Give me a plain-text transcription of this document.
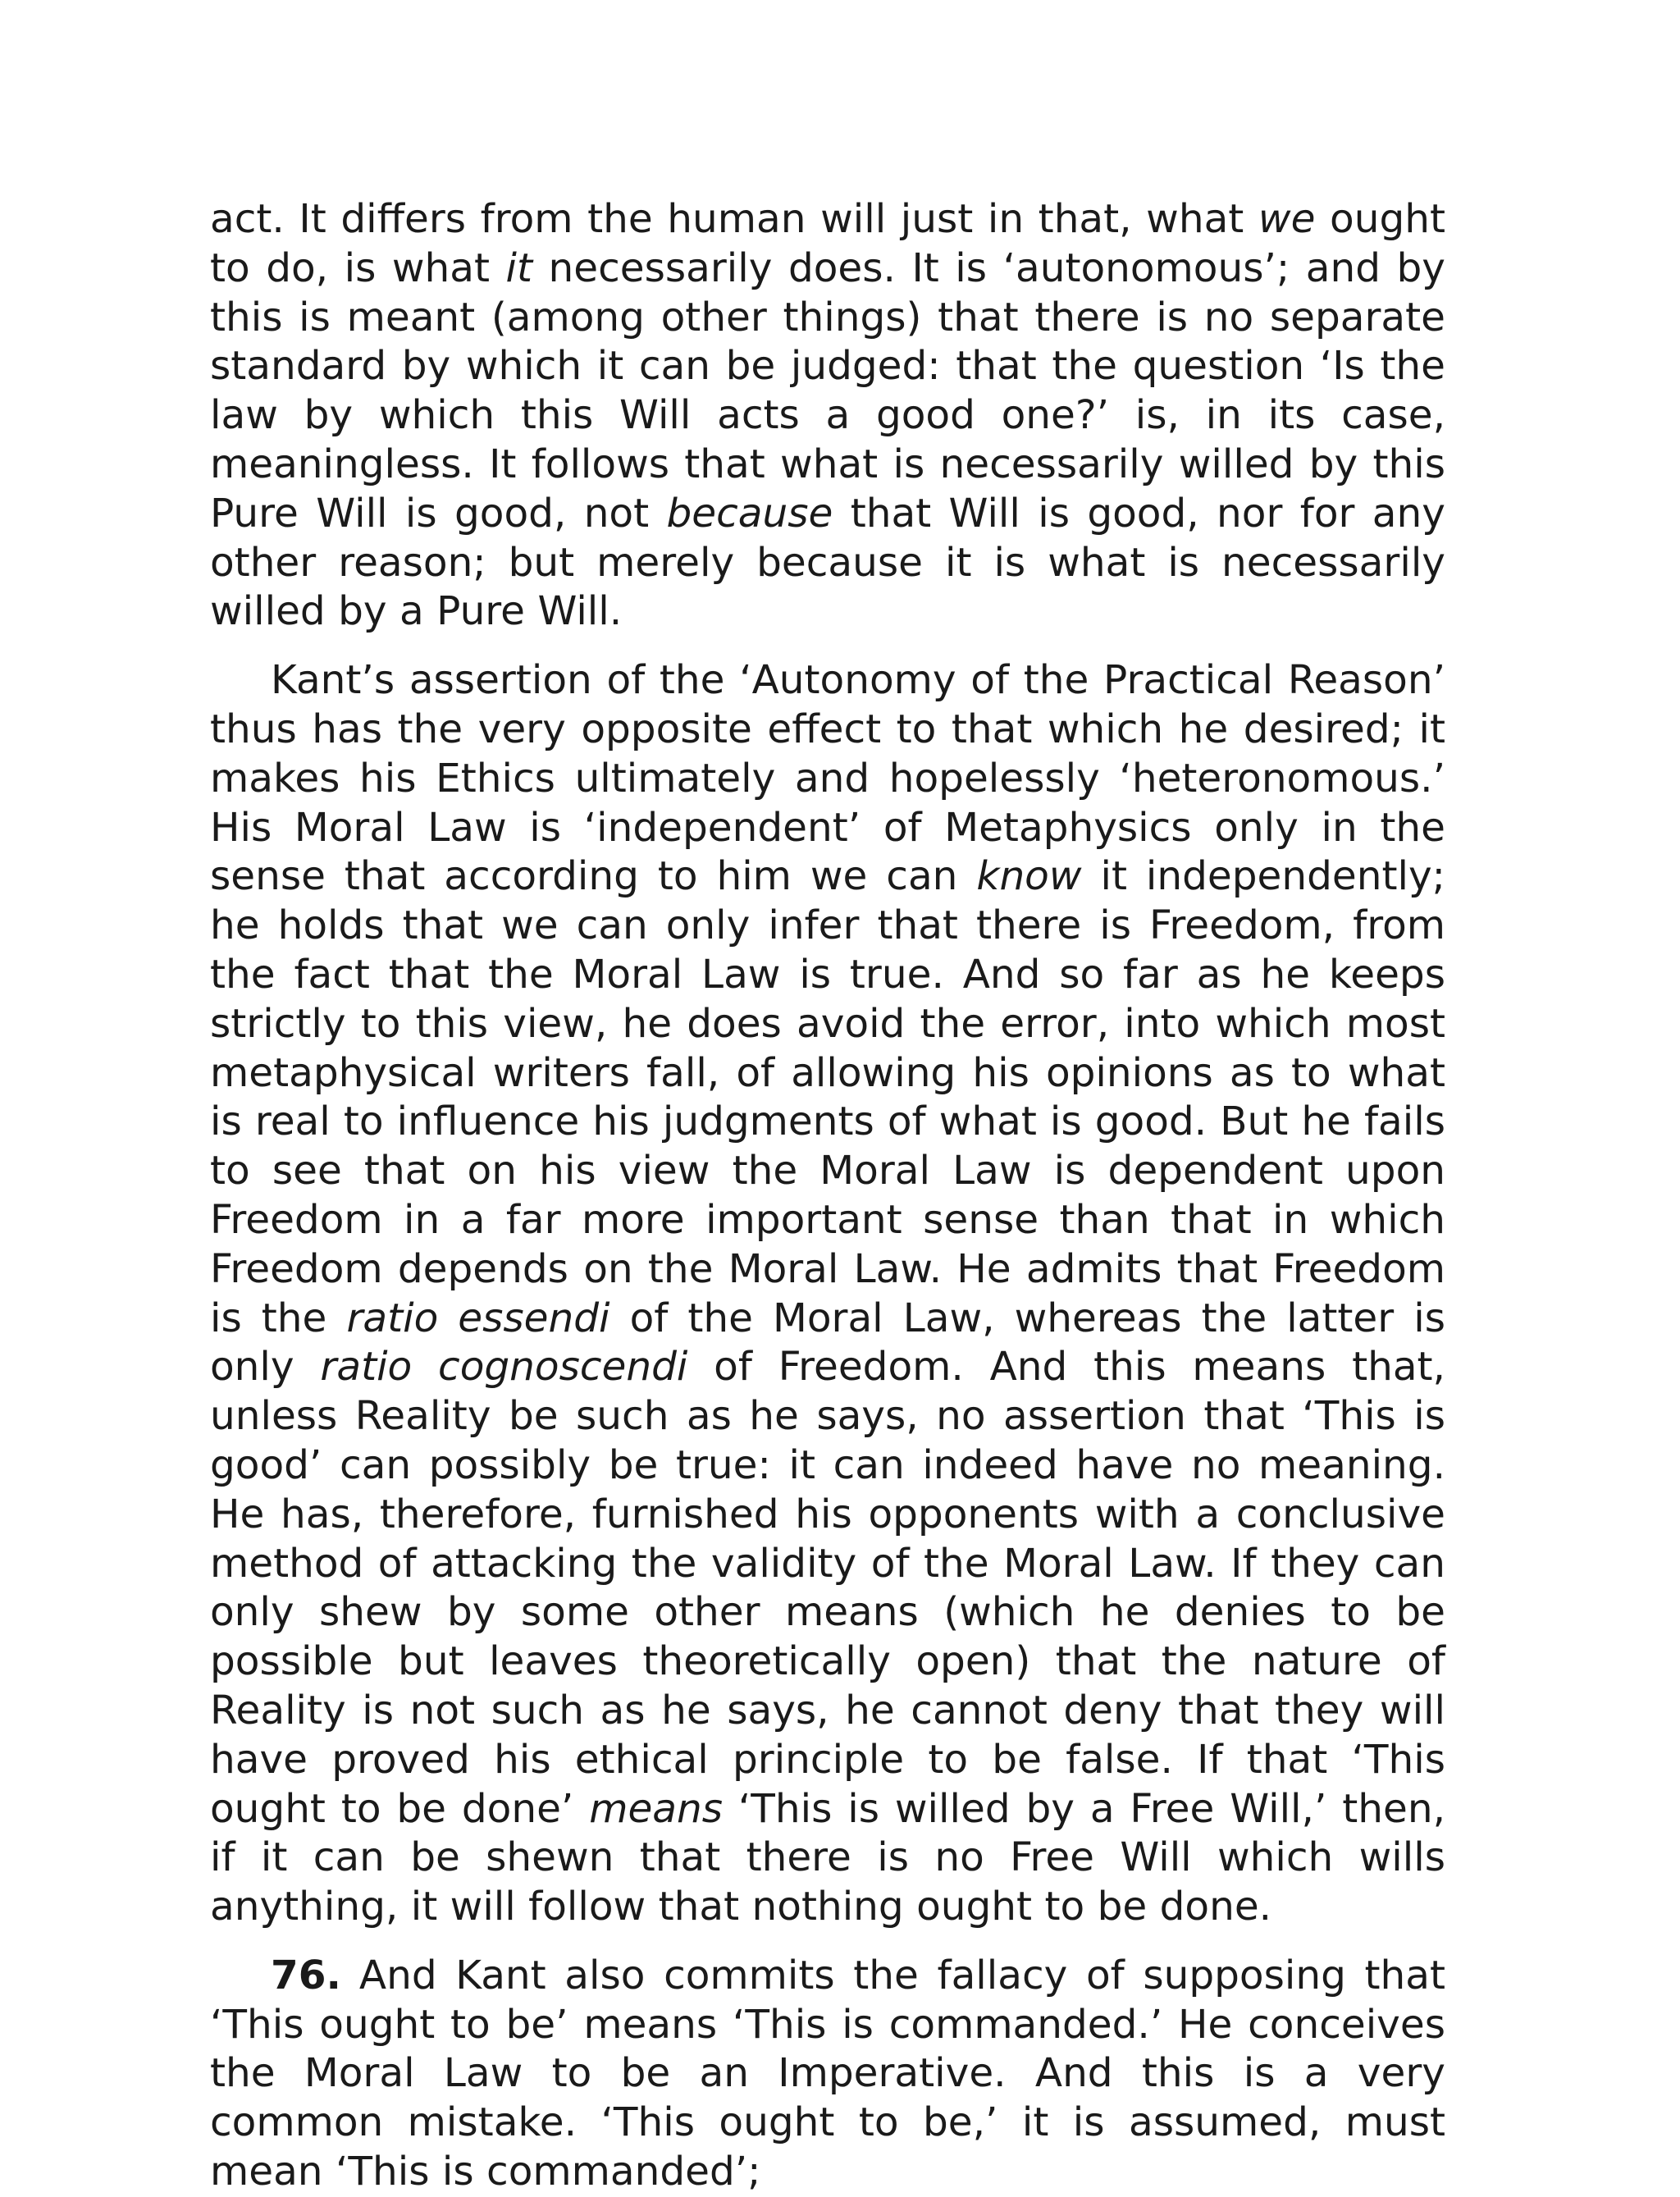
act. It differs from the human will just in that, what we ought to do, is what it necessarily does. It is ‘autonomous’; and by this is meant (among other things) that there is no separate standard by which it can be judged: that the question ‘Is the law by which this Will acts a good one?’ is, in its case, meaningless. It follows that what is necessarily willed by this Pure Will is good, not because that Will is good, nor for any other reason; but merely because it is what is necessarily willed by a Pure Will.

Kant’s assertion of the ‘Autonomy of the Practical Reason’ thus has the very opposite effect to that which he desired; it makes his Ethics ultimately and hopelessly ‘heteronomous.’ His Moral Law is ‘independent’ of Metaphysics only in the sense that according to him we can know it independently; he holds that we can only infer that there is Freedom, from the fact that the Moral Law is true. And so far as he keeps strictly to this view, he does avoid the error, into which most metaphysical writers fall, of allowing his opinions as to what is real to influence his judgments of what is good. But he fails to see that on his view the Moral Law is dependent upon Freedom in a far more important sense than that in which Freedom depends on the Moral Law. He admits that Freedom is the ratio essendi of the Moral Law, whereas the latter is only ratio cognoscendi of Freedom. And this means that, unless Reality be such as he says, no assertion that ‘This is good’ can possibly be true: it can indeed have no meaning. He has, therefore, furnished his opponents with a conclusive method of attacking the validity of the Moral Law. If they can only shew by some other means (which he denies to be possible but leaves theoretically open) that the nature of Reality is not such as he says, he cannot deny that they will have proved his ethical principle to be false. If that ‘This ought to be done’ means ‘This is willed by a Free Will,’ then, if it can be shewn that there is no Free Will which wills anything, it will follow that nothing ought to be done.

76. And Kant also commits the fallacy of supposing that ‘This ought to be’ means ‘This is commanded.’ He conceives the Moral Law to be an Imperative. And this is a very common mistake. ‘This ought to be,’ it is assumed, must mean ‘This is commanded’;
